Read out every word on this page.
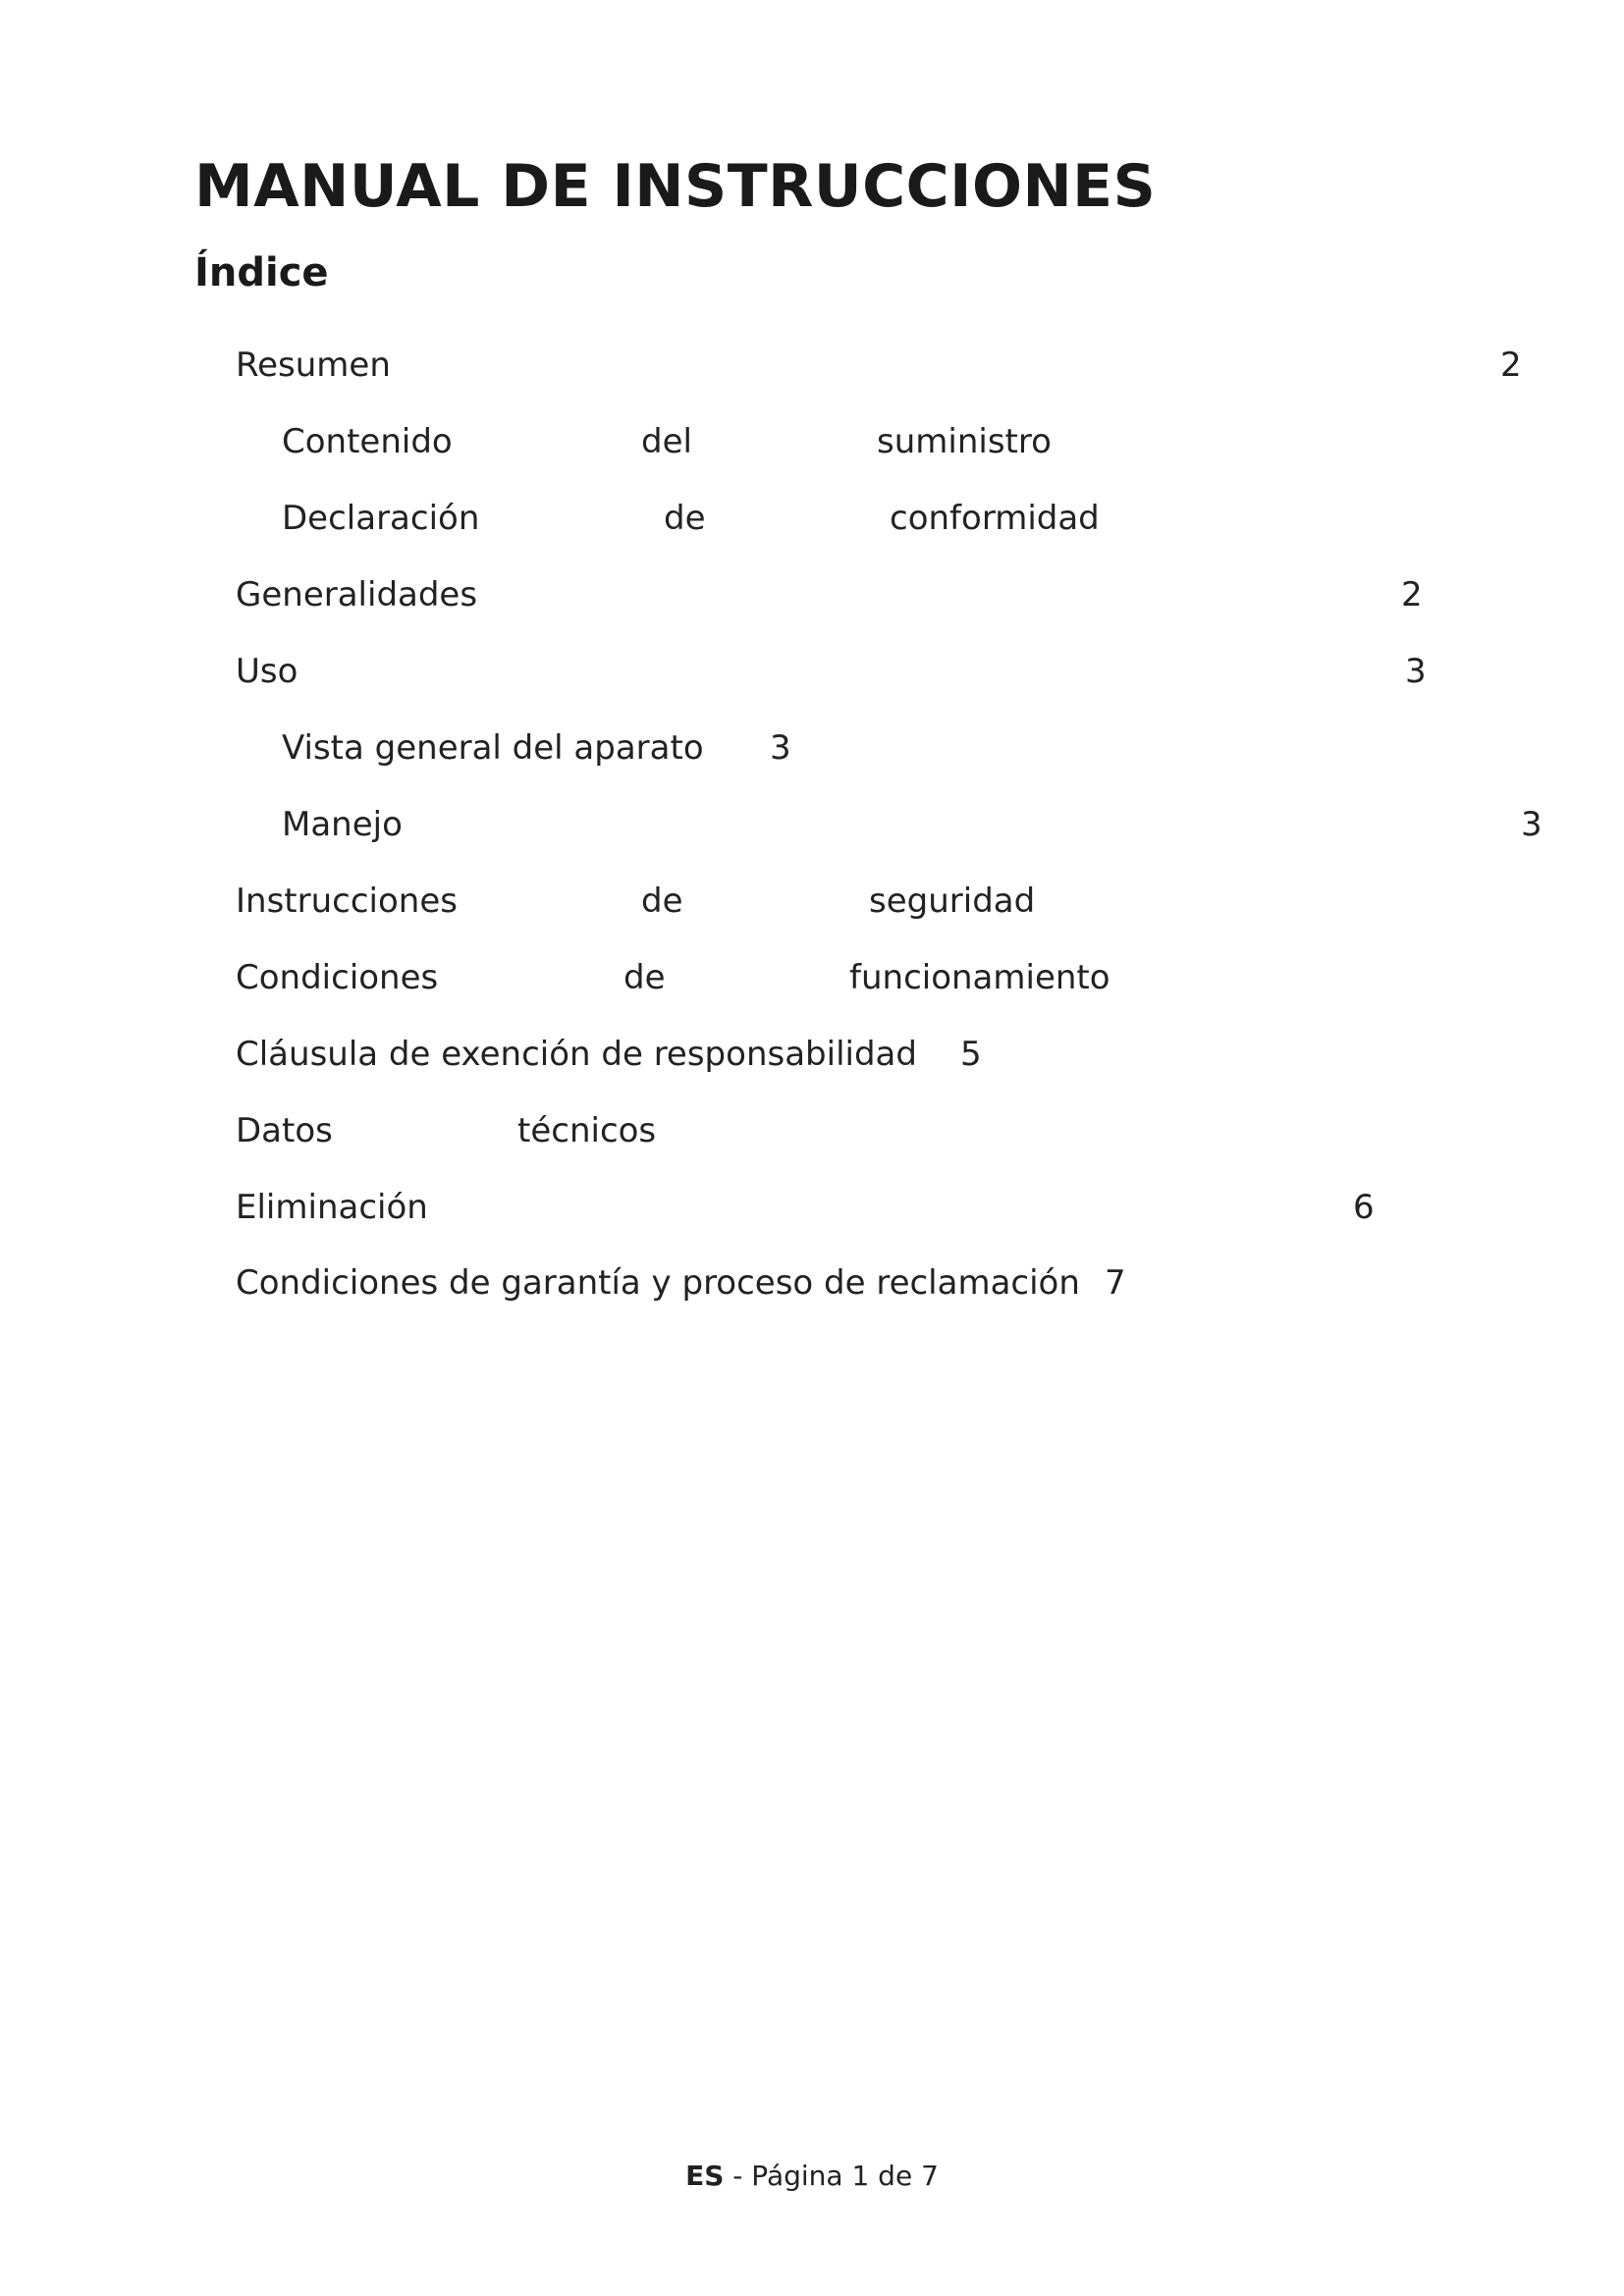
MANUAL DE INSTRUCCIONES
Índice
Resumen	2
Contenido	del	suministro
Declaración	de	conformidad
Generalidades	2
Uso	3
Vista general del aparato 3
Manejo	3
Instrucciones	de	seguridad
Condiciones	de	funcionamiento
Cláusula de exención de responsabilidad 5
Datos	técnicos
Eliminación	6
Condiciones de garantía y proceso de reclamación 7
ES - Página 1 de 7
